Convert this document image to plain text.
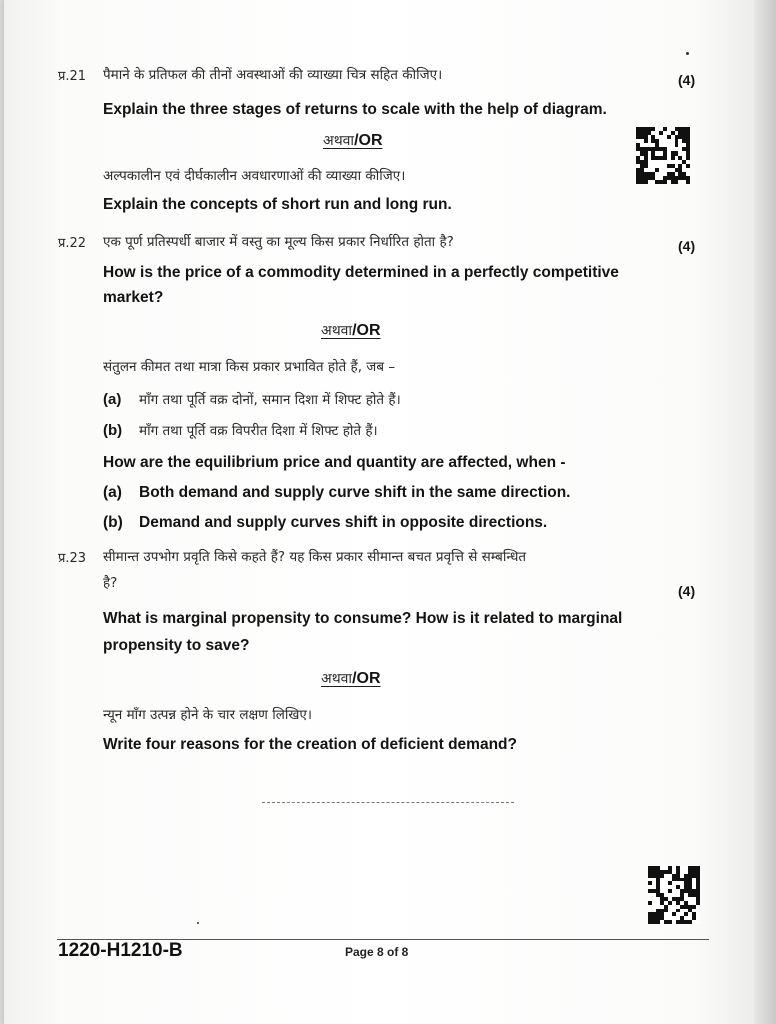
प्र.21 पैमाने के प्रतिफल की तीनों अवस्थाओं की व्याख्या चित्र सहित कीजिए।	(4)
Explain the three stages of returns to scale with the help of diagram.
अथवा/OR
अल्पकालीन एवं दीर्घकालीन अवधारणाओं की व्याख्या कीजिए।
Explain the concepts of short run and long run.
प्र.22 एक पूर्ण प्रतिस्पर्धी बाजार में वस्तु का मूल्य किस प्रकार निर्धारित होता है?	(4)
How is the price of a commodity determined in a perfectly competitive
market?
अथवा/OR
संतुलन कीमत तथा मात्रा किस प्रकार प्रभावित होते हैं, जब –
(a) माँग तथा पूर्ति वक्र दोनों, समान दिशा में शिफ्ट होते हैं।
(b) माँग तथा पूर्ति वक्र विपरीत दिशा में शिफ्ट होते हैं।
How are the equilibrium price and quantity are affected, when -
(a) Both demand and supply curve shift in the same direction.
(b) Demand and supply curves shift in opposite directions.
प्र.23 सीमान्त उपभोग प्रवृति किसे कहते हैं? यह किस प्रकार सीमान्त बचत प्रवृत्ति से सम्बन्धित
है?	(4)
What is marginal propensity to consume? How is it related to marginal
propensity to save?
अथवा/OR
न्यून माँग उत्पन्न होने के चार लक्षण लिखिए।
Write four reasons for the creation of deficient demand?
1220-H1210-B	Page 8 of 8
